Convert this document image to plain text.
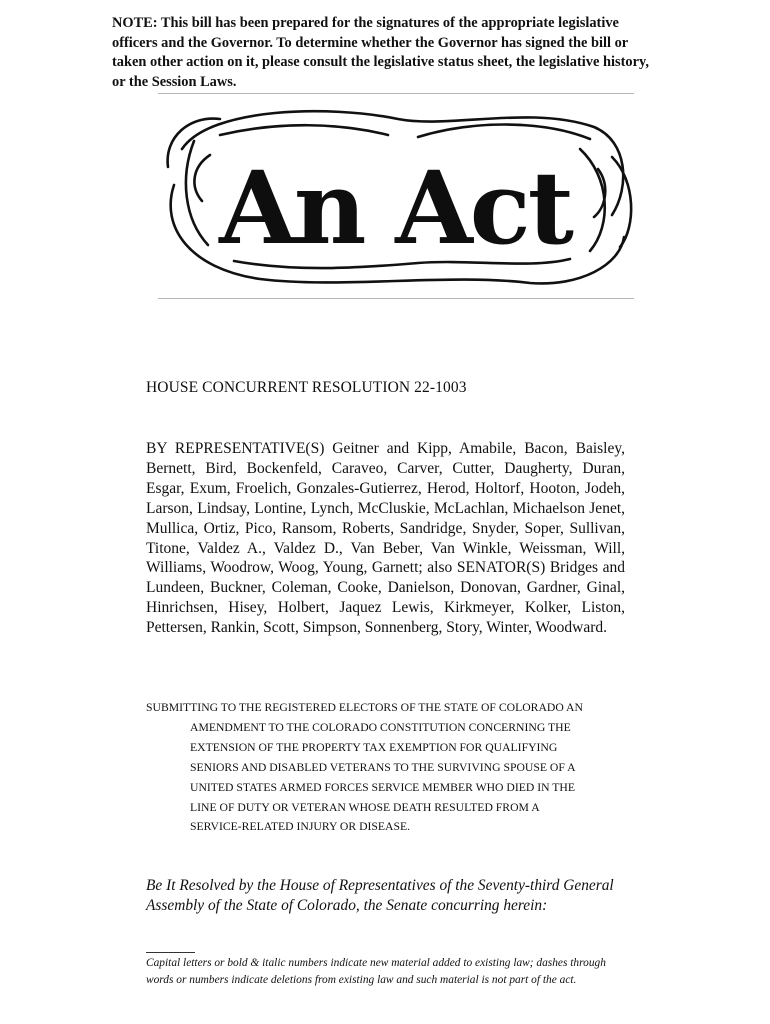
NOTE: This bill has been prepared for the signatures of the appropriate legislative officers and the Governor. To determine whether the Governor has signed the bill or taken other action on it, please consult the legislative status sheet, the legislative history, or the Session Laws.

An Act

HOUSE CONCURRENT RESOLUTION 22-1003

BY REPRESENTATIVE(S) Geitner and Kipp, Amabile, Bacon, Baisley, Bernett, Bird, Bockenfeld, Caraveo, Carver, Cutter, Daugherty, Duran, Esgar, Exum, Froelich, Gonzales-Gutierrez, Herod, Holtorf, Hooton, Jodeh, Larson, Lindsay, Lontine, Lynch, McCluskie, McLachlan, Michaelson Jenet, Mullica, Ortiz, Pico, Ransom, Roberts, Sandridge, Snyder, Soper, Sullivan, Titone, Valdez A., Valdez D., Van Beber, Van Winkle, Weissman, Will, Williams, Woodrow, Woog, Young, Garnett; also SENATOR(S) Bridges and Lundeen, Buckner, Coleman, Cooke, Danielson, Donovan, Gardner, Ginal, Hinrichsen, Hisey, Holbert, Jaquez Lewis, Kirkmeyer, Kolker, Liston, Pettersen, Rankin, Scott, Simpson, Sonnenberg, Story, Winter, Woodward.

SUBMITTING TO THE REGISTERED ELECTORS OF THE STATE OF COLORADO AN
AMENDMENT TO THE COLORADO CONSTITUTION CONCERNING THE
EXTENSION OF THE PROPERTY TAX EXEMPTION FOR QUALIFYING
SENIORS AND DISABLED VETERANS TO THE SURVIVING SPOUSE OF A
UNITED STATES ARMED FORCES SERVICE MEMBER WHO DIED IN THE
LINE OF DUTY OR VETERAN WHOSE DEATH RESULTED FROM A
SERVICE-RELATED INJURY OR DISEASE.

Be It Resolved by the House of Representatives of the Seventy-third General Assembly of the State of Colorado, the Senate concurring herein:

Capital letters or bold & italic numbers indicate new material added to existing law; dashes through words or numbers indicate deletions from existing law and such material is not part of the act.
